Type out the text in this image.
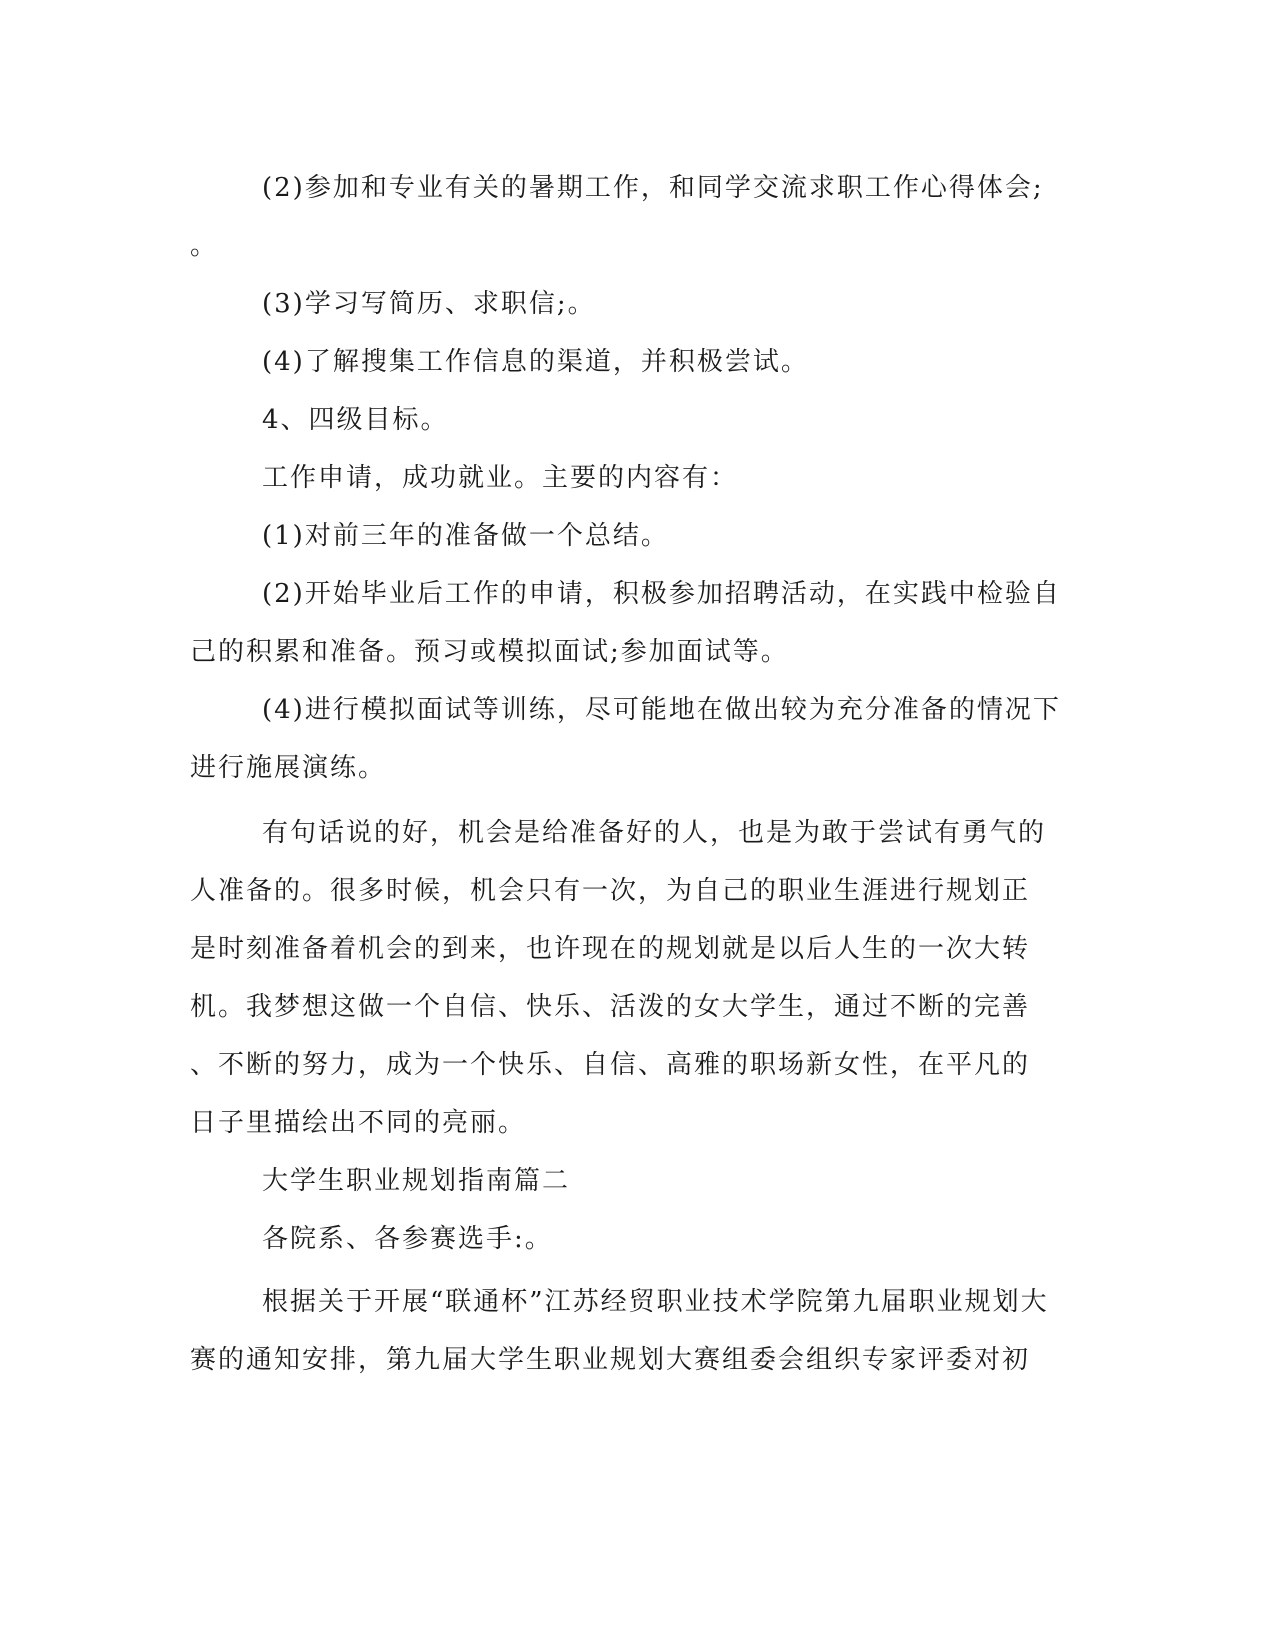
(2)参加和专业有关的暑期工作，和同学交流求职工作心得体会;
。
(3)学习写简历、求职信;。
(4)了解搜集工作信息的渠道，并积极尝试。
4、四级目标。
工作申请，成功就业。主要的内容有：
(1)对前三年的准备做一个总结。
(2)开始毕业后工作的申请，积极参加招聘活动，在实践中检验自
己的积累和准备。预习或模拟面试;参加面试等。
(4)进行模拟面试等训练，尽可能地在做出较为充分准备的情况下
进行施展演练。
有句话说的好，机会是给准备好的人，也是为敢于尝试有勇气的
人准备的。很多时候，机会只有一次，为自己的职业生涯进行规划正
是时刻准备着机会的到来，也许现在的规划就是以后人生的一次大转
机。我梦想这做一个自信、快乐、活泼的女大学生，通过不断的完善
、不断的努力，成为一个快乐、自信、高雅的职场新女性，在平凡的
日子里描绘出不同的亮丽。
大学生职业规划指南篇二
各院系、各参赛选手:。
根据关于开展“联通杯”江苏经贸职业技术学院第九届职业规划大
赛的通知安排，第九届大学生职业规划大赛组委会组织专家评委对初
